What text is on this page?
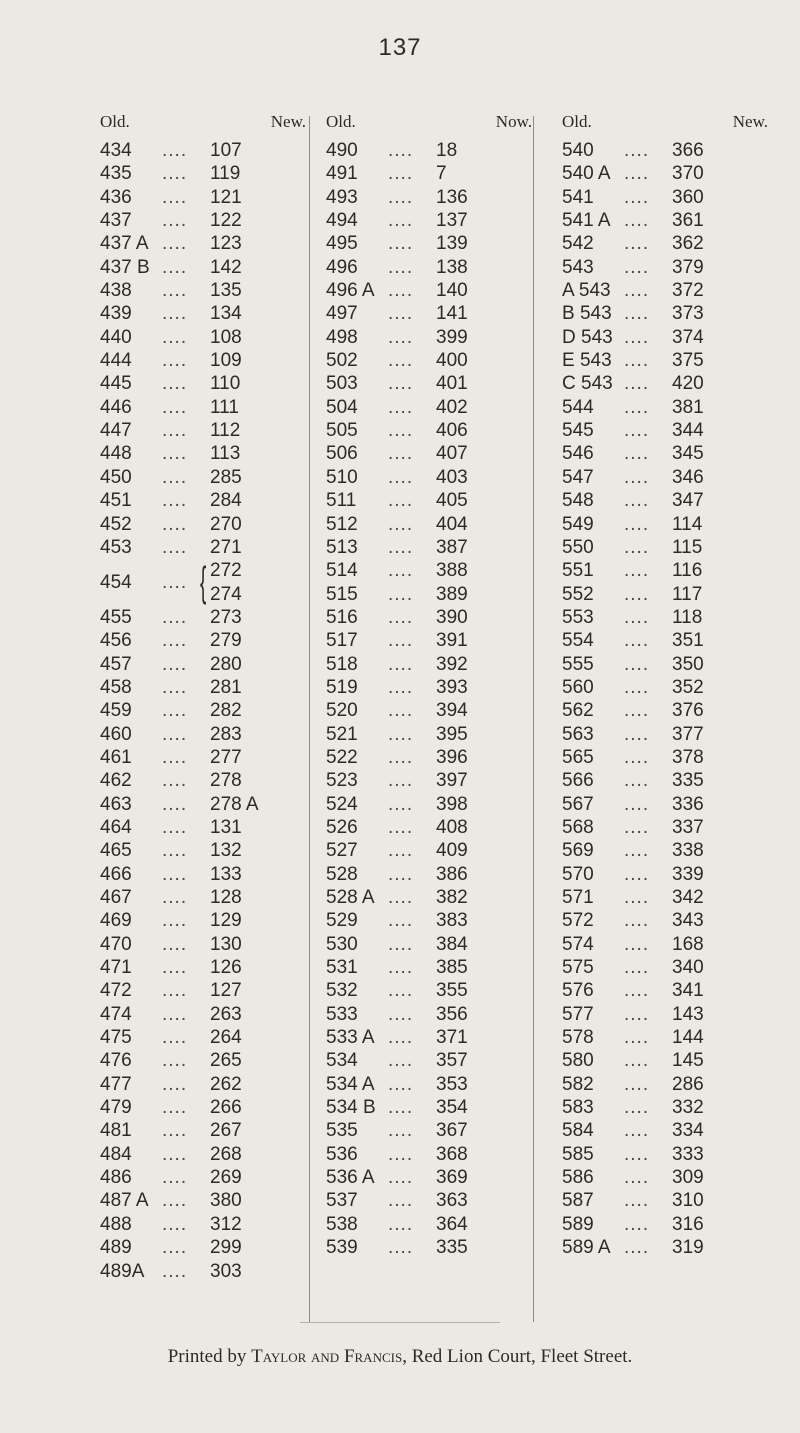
137
Old.	New.
434 .... 107
435 .... 119
436 .... 121
437 .... 122
437 A .... 123
437 B .... 142
438 .... 135
439 .... 134
440 .... 108
444 .... 109
445 .... 110
446 .... 111
447 .... 112
448 .... 113
450 .... 285
451 .... 284
452 .... 270
453 .... 271
454 .... { 272
274
455 .... 273
456 .... 279
457 .... 280
458 .... 281
459 .... 282
460 .... 283
461 .... 277
462 .... 278
463 .... 278 A
464 .... 131
465 .... 132
466 .... 133
467 .... 128
469 .... 129
470 .... 130
471 .... 126
472 .... 127
474 .... 263
475 .... 264
476 .... 265
477 .... 262
479 .... 266
481 .... 267
484 .... 268
486 .... 269
487 A .... 380
488 .... 312
489 .... 299
489A .... 303
Old.	Now.
490 .... 18
491 .... 7
493 .... 136
494 .... 137
495 .... 139
496 .... 138
496 A .... 140
497 .... 141
498 .... 399
502 .... 400
503 .... 401
504 .... 402
505 .... 406
506 .... 407
510 .... 403
511 .... 405
512 .... 404
513 .... 387
514 .... 388
515 .... 389
516 .... 390
517 .... 391
518 .... 392
519 .... 393
520 .... 394
521 .... 395
522 .... 396
523 .... 397
524 .... 398
526 .... 408
527 .... 409
528 .... 386
528 A .... 382
529 .... 383
530 .... 384
531 .... 385
532 .... 355
533 .... 356
533 A .... 371
534 .... 357
534 A .... 353
534 B .... 354
535 .... 367
536 .... 368
536 A .... 369
537 .... 363
538 .... 364
539 .... 335
Old.	New.
540 .... 366
540 A .... 370
541 .... 360
541 A .... 361
542 .... 362
543 .... 379
A 543 .... 372
B 543 .... 373
D 543 .... 374
E 543 .... 375
C 543 .... 420
544 .... 381
545 .... 344
546 .... 345
547 .... 346
548 .... 347
549 .... 114
550 .... 115
551 .... 116
552 .... 117
553 .... 118
554 .... 351
555 .... 350
560 .... 352
562 .... 376
563 .... 377
565 .... 378
566 .... 335
567 .... 336
568 .... 337
569 .... 338
570 .... 339
571 .... 342
572 .... 343
574 .... 168
575 .... 340
576 .... 341
577 .... 143
578 .... 144
580 .... 145
582 .... 286
583 .... 332
584 .... 334
585 .... 333
586 .... 309
587 .... 310
589 .... 316
589 A .... 319
Printed by Taylor and Francis, Red Lion Court, Fleet Street.
